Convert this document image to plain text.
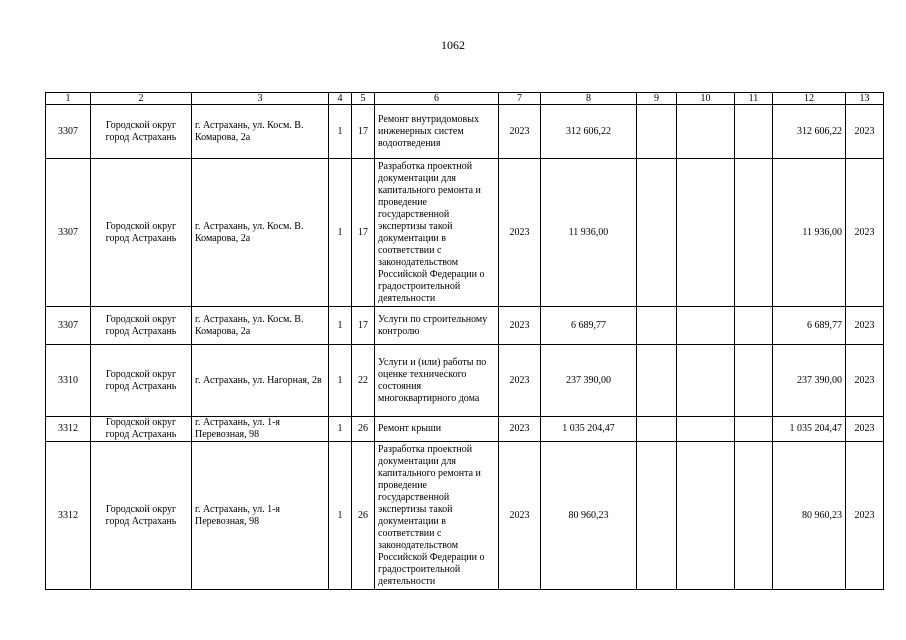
1062
1	2	3	4	5	6	7	8	9	10	11	12	13
3307	Городской округ город Астрахань	г. Астрахань, ул. Косм. В. Комарова, 2а	1	17	Ремонт внутридомовых инженерных систем водоотведения	2023	312 606,22				312 606,22	2023
3307	Городской округ город Астрахань	г. Астрахань, ул. Косм. В. Комарова, 2а	1	17	Разработка проектной документации для капитального ремонта и проведение государственной экспертизы такой документации в соответствии с законодательством Российской Федерации о градостроительной деятельности	2023	11 936,00				11 936,00	2023
3307	Городской округ город Астрахань	г. Астрахань, ул. Косм. В. Комарова, 2а	1	17	Услуги по строительному контролю	2023	6 689,77				6 689,77	2023
3310	Городской округ город Астрахань	г. Астрахань, ул. Нагорная, 2в	1	22	Услуги и (или) работы по оценке технического состояния многоквартирного дома	2023	237 390,00				237 390,00	2023
3312	Городской округ город Астрахань	г. Астрахань, ул. 1-я Перевозная, 98	1	26	Ремонт крыши	2023	1 035 204,47				1 035 204,47	2023
3312	Городской округ город Астрахань	г. Астрахань, ул. 1-я Перевозная, 98	1	26	Разработка проектной документации для капитального ремонта и проведение государственной экспертизы такой документации в соответствии с законодательством Российской Федерации о градостроительной деятельности	2023	80 960,23				80 960,23	2023
